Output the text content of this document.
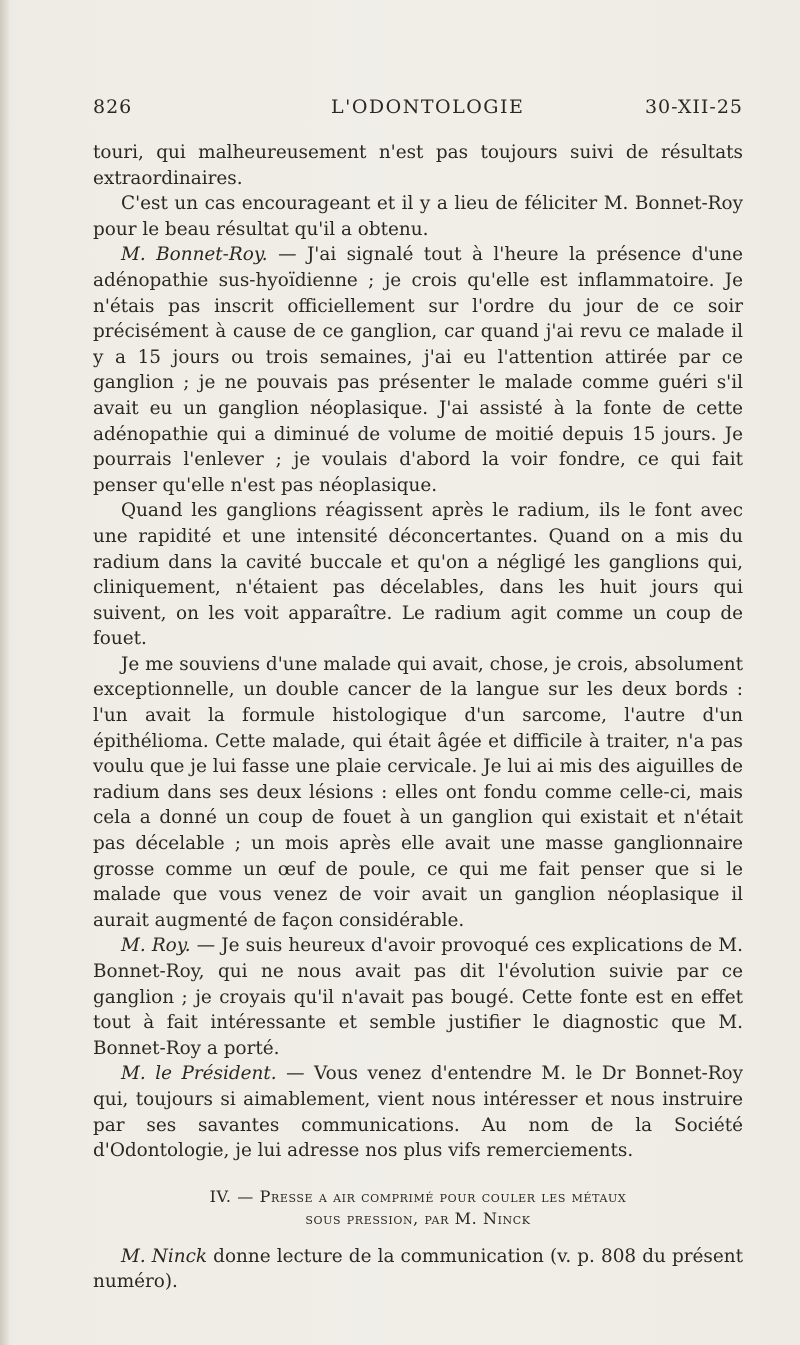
826	L'ODONTOLOGIE	30-XII-25

touri, qui malheureusement n'est pas toujours suivi de résultats extraordinaires.

C'est un cas encourageant et il y a lieu de féliciter M. Bonnet-Roy pour le beau résultat qu'il a obtenu.

M. Bonnet-Roy. — J'ai signalé tout à l'heure la présence d'une adénopathie sus-hyoïdienne ; je crois qu'elle est inflammatoire. Je n'étais pas inscrit officiellement sur l'ordre du jour de ce soir précisément à cause de ce ganglion, car quand j'ai revu ce malade il y a 15 jours ou trois semaines, j'ai eu l'attention attirée par ce ganglion ; je ne pouvais pas présenter le malade comme guéri s'il avait eu un ganglion néoplasique. J'ai assisté à la fonte de cette adénopathie qui a diminué de volume de moitié depuis 15 jours. Je pourrais l'enlever ; je voulais d'abord la voir fondre, ce qui fait penser qu'elle n'est pas néoplasique.

Quand les ganglions réagissent après le radium, ils le font avec une rapidité et une intensité déconcertantes. Quand on a mis du radium dans la cavité buccale et qu'on a négligé les ganglions qui, cliniquement, n'étaient pas décelables, dans les huit jours qui suivent, on les voit apparaître. Le radium agit comme un coup de fouet.

Je me souviens d'une malade qui avait, chose, je crois, absolument exceptionnelle, un double cancer de la langue sur les deux bords : l'un avait la formule histologique d'un sarcome, l'autre d'un épithélioma. Cette malade, qui était âgée et difficile à traiter, n'a pas voulu que je lui fasse une plaie cervicale. Je lui ai mis des aiguilles de radium dans ses deux lésions : elles ont fondu comme celle-ci, mais cela a donné un coup de fouet à un ganglion qui existait et n'était pas décelable ; un mois après elle avait une masse ganglionnaire grosse comme un œuf de poule, ce qui me fait penser que si le malade que vous venez de voir avait un ganglion néoplasique il aurait augmenté de façon considérable.

M. Roy. — Je suis heureux d'avoir provoqué ces explications de M. Bonnet-Roy, qui ne nous avait pas dit l'évolution suivie par ce ganglion ; je croyais qu'il n'avait pas bougé. Cette fonte est en effet tout à fait intéressante et semble justifier le diagnostic que M. Bonnet-Roy a porté.

M. le Président. — Vous venez d'entendre M. le Dr Bonnet-Roy qui, toujours si aimablement, vient nous intéresser et nous instruire par ses savantes communications. Au nom de la Société d'Odontologie, je lui adresse nos plus vifs remerciements.

IV. — Presse a air comprimé pour couler les métaux
sous pression, par M. Ninck

M. Ninck donne lecture de la communication (v. p. 808 du présent numéro).
